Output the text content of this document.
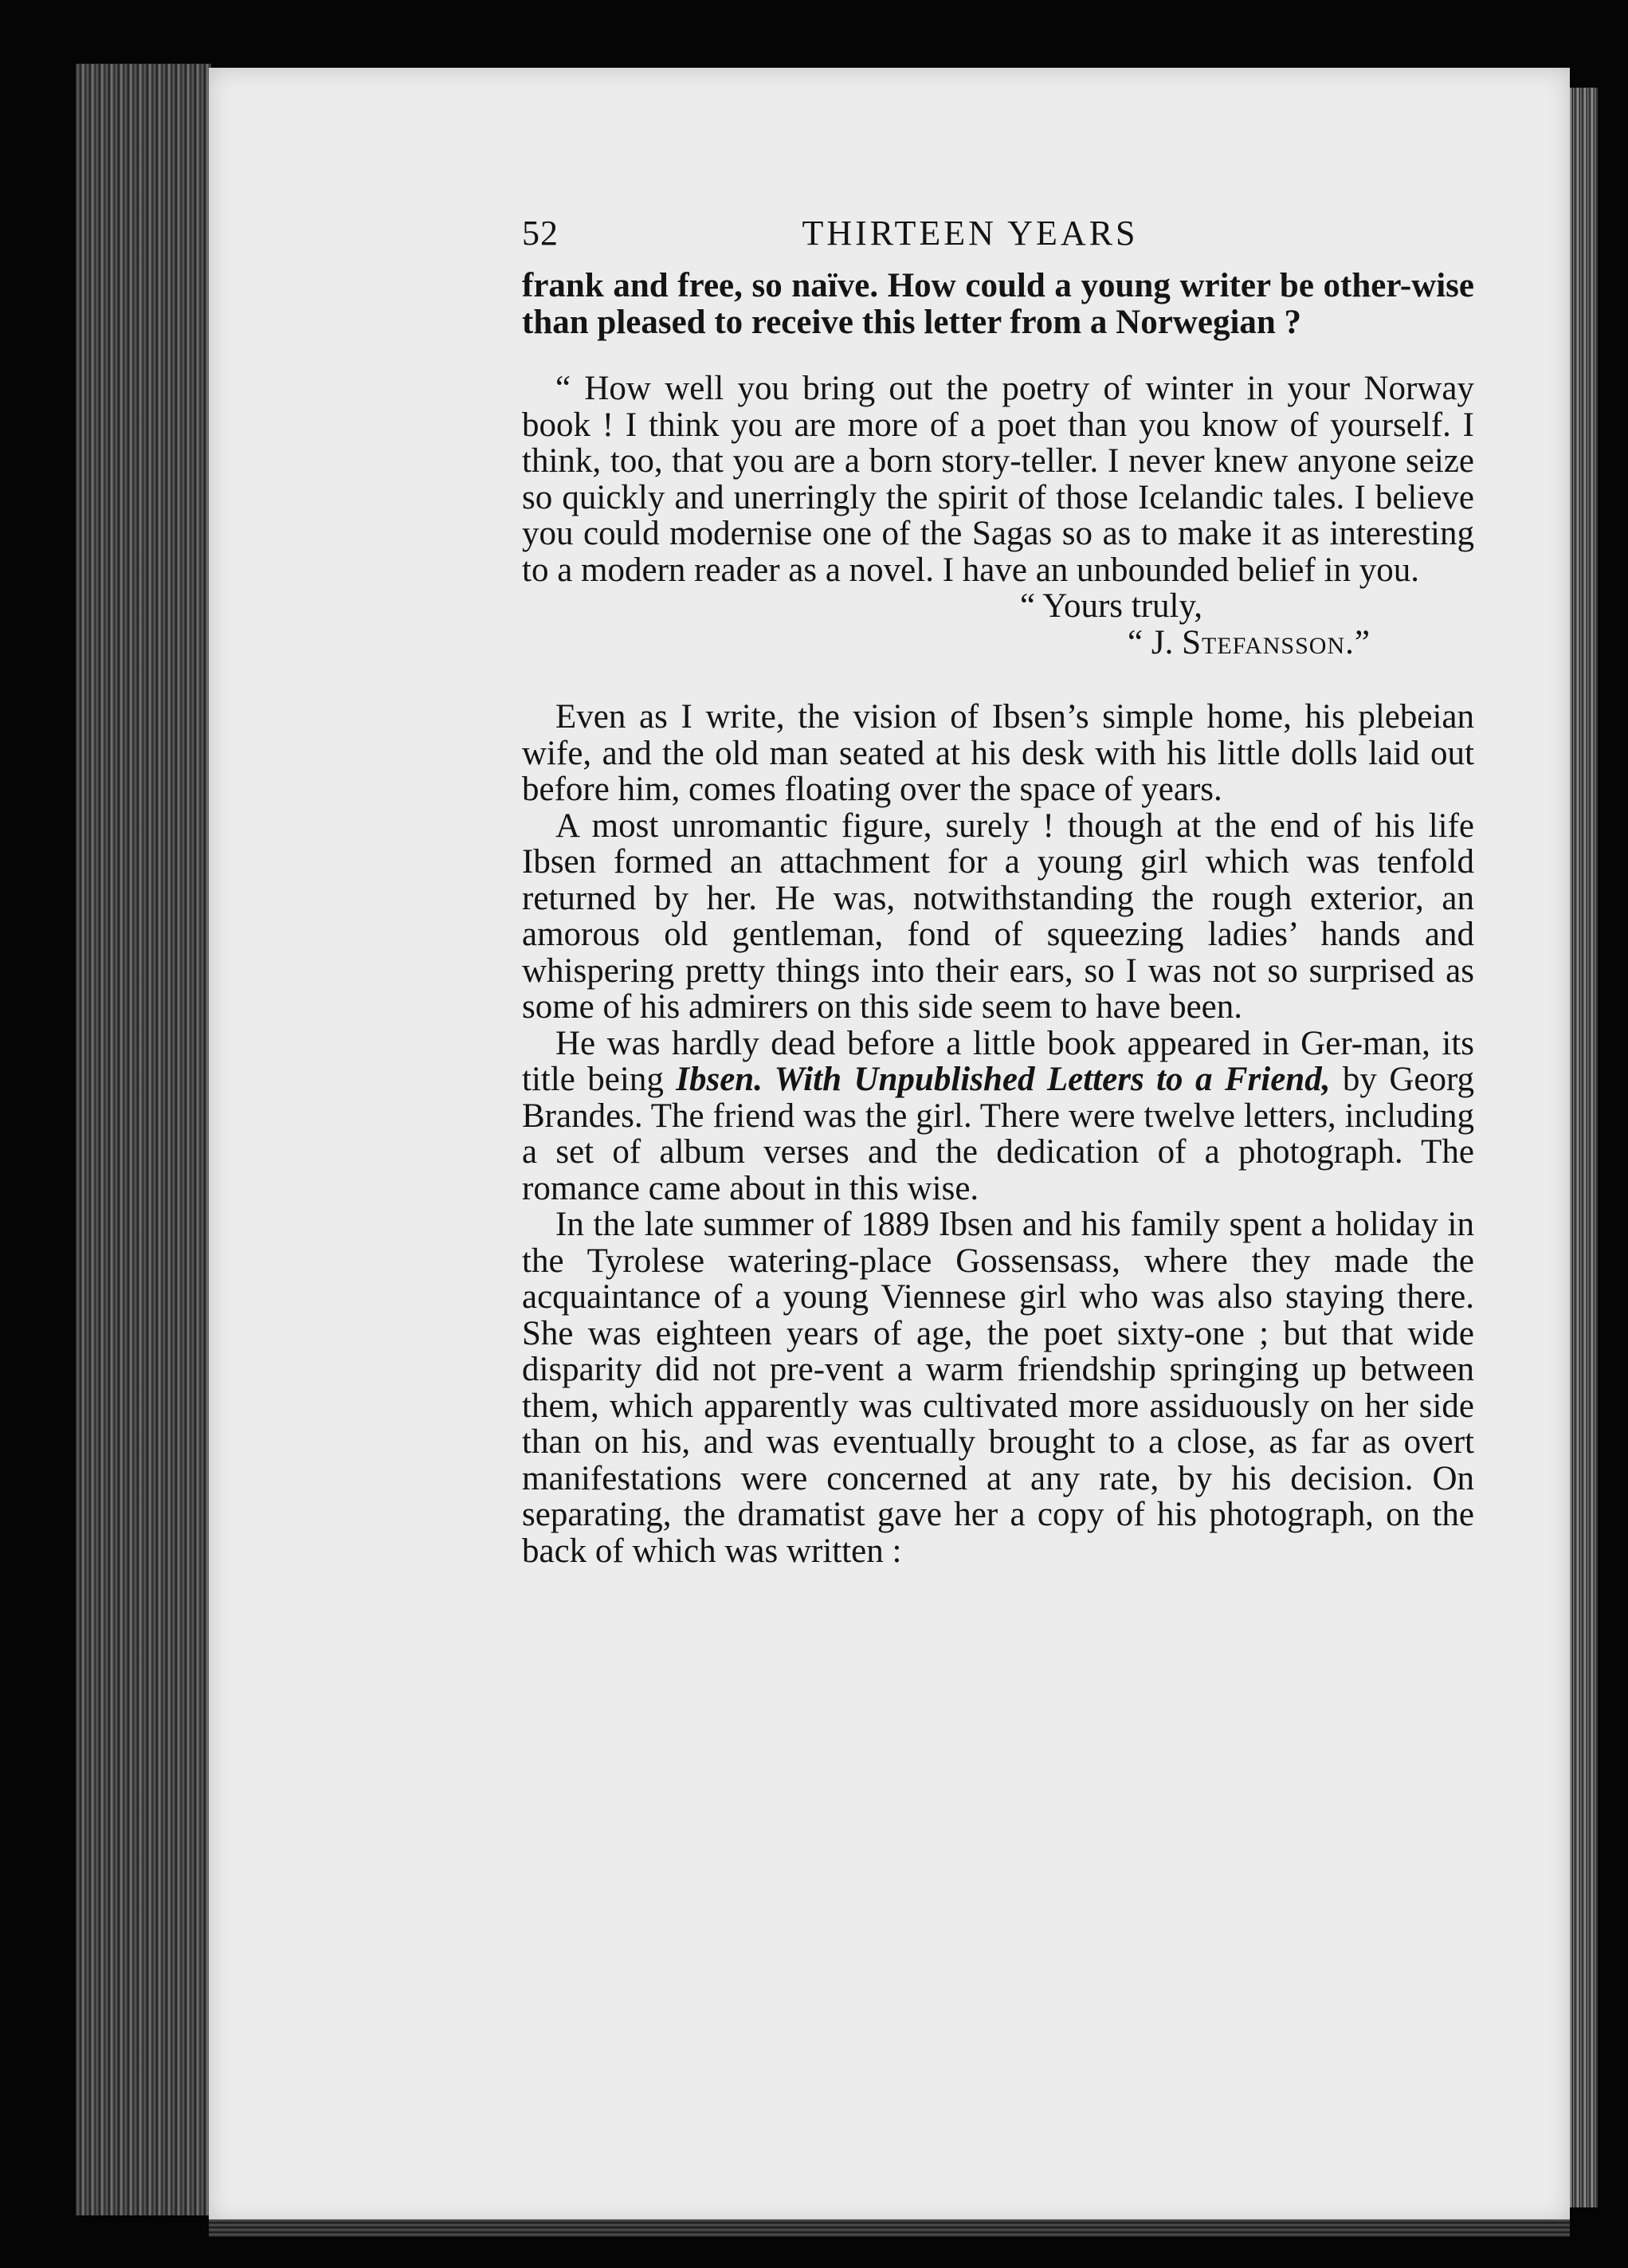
52	THIRTEEN YEARS

frank and free, so naïve. How could a young writer be other-wise than pleased to receive this letter from a Norwegian ?

“ How well you bring out the poetry of winter in your Norway book ! I think you are more of a poet than you know of yourself. I think, too, that you are a born story-teller. I never knew anyone seize so quickly and unerringly the spirit of those Icelandic tales. I believe you could modernise one of the Sagas so as to make it as interesting to a modern reader as a novel. I have an unbounded belief in you.

“ Yours truly,
“ J. Stefansson.”

Even as I write, the vision of Ibsen’s simple home, his plebeian wife, and the old man seated at his desk with his little dolls laid out before him, comes floating over the space of years.

A most unromantic figure, surely ! though at the end of his life Ibsen formed an attachment for a young girl which was tenfold returned by her. He was, notwithstanding the rough exterior, an amorous old gentleman, fond of squeezing ladies’ hands and whispering pretty things into their ears, so I was not so surprised as some of his admirers on this side seem to have been.

He was hardly dead before a little book appeared in Ger-man, its title being Ibsen. With Unpublished Letters to a Friend, by Georg Brandes. The friend was the girl. There were twelve letters, including a set of album verses and the dedication of a photograph. The romance came about in this wise.

In the late summer of 1889 Ibsen and his family spent a holiday in the Tyrolese watering-place Gossensass, where they made the acquaintance of a young Viennese girl who was also staying there. She was eighteen years of age, the poet sixty-one ; but that wide disparity did not pre-vent a warm friendship springing up between them, which apparently was cultivated more assiduously on her side than on his, and was eventually brought to a close, as far as overt manifestations were concerned at any rate, by his decision. On separating, the dramatist gave her a copy of his photograph, on the back of which was written :
